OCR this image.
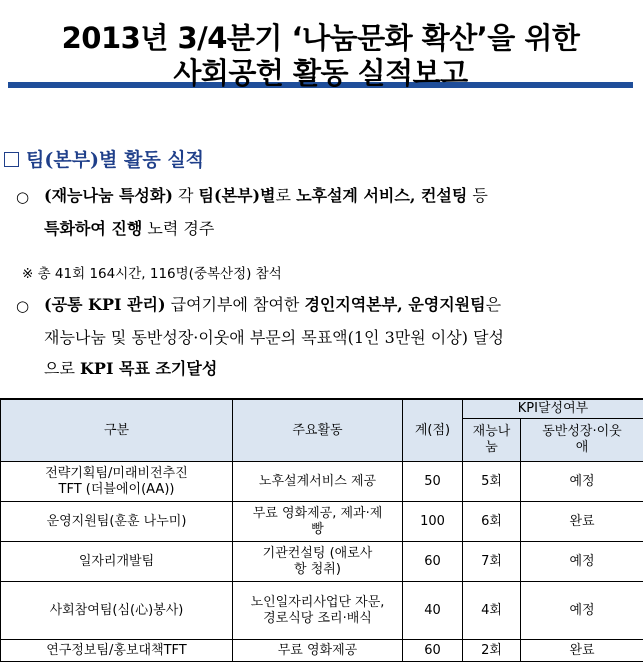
2013년 3/4분기 ‘나눔문화 확산’을 위한
사회공헌 활동 실적보고
팀(본부)별 활동 실적
○ (재능나눔 특성화) 각 팀(본부)별로 노후설계 서비스, 컨설팅 등
특화하여 진행 노력 경주
※ 총 41회 164시간, 116명(중복산정) 참석
○ (공통 KPI 관리) 급여기부에 참여한 경인지역본부, 운영지원팀은
재능나눔 및 동반성장·이웃애 부문의 목표액(1인 3만원 이상) 달성
으로 KPI 목표 조기달성
구분	주요활동	계(점)	KPI달성여부	
			재능나눔	동반성장·이웃애
전략기획팀/미래비전추진TFT (더블에이(AA))	노후설계서비스 제공	50	5회	예정
운영지원팀(훈훈 나누미)	무료 영화제공, 제과·제빵	100	6회	완료
일자리개발팀	기관컨설팅 (애로사항 청취)	60	7회	예정
사회참여팀(심(心)봉사)	노인일자리사업단 자문, 경로식당 조리·배식	40	4회	예정
연구정보팀/홍보대책TFT	무료 영화제공	60	2회	완료
